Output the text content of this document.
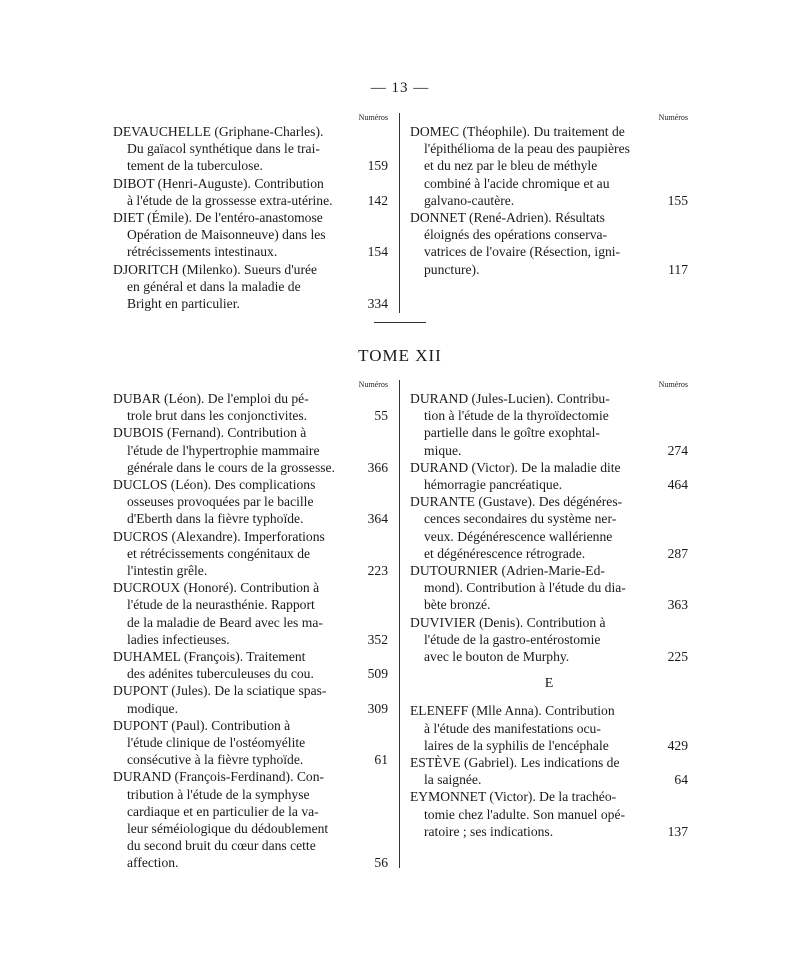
— 13 —
Numéros
DEVAUCHELLE (Griphane-Charles).
Du gaïacol synthétique dans le trai-
tement de la tuberculose.	159
DIBOT (Henri-Auguste). Contribution
à l'étude de la grossesse extra-utérine.	142
DIET (Émile). De l'entéro-anastomose
Opération de Maisonneuve) dans les
rétrécissements intestinaux.	154
DJORITCH (Milenko). Sueurs d'urée
en général et dans la maladie de
Bright en particulier.	334
Numéros
DOMEC (Théophile). Du traitement de
l'épithélioma de la peau des paupières
et du nez par le bleu de méthyle
combiné à l'acide chromique et au
galvano-cautère.	155
DONNET (René-Adrien). Résultats
éloignés des opérations conserva-
vatrices de l'ovaire (Résection, igni-
puncture).	117
TOME XII
Numéros
DUBAR (Léon). De l'emploi du pé-
trole brut dans les conjonctivites.	55
DUBOIS (Fernand). Contribution à
l'étude de l'hypertrophie mammaire
générale dans le cours de la grossesse. 366
DUCLOS (Léon). Des complications
osseuses provoquées par le bacille
d'Eberth dans la fièvre typhoïde.	364
DUCROS (Alexandre). Imperforations
et rétrécissements congénitaux de
l'intestin grêle.	223
DUCROUX (Honoré). Contribution à
l'étude de la neurasthénie. Rapport
de la maladie de Beard avec les ma-
ladies infectieuses.	352
DUHAMEL (François). Traitement
des adénites tuberculeuses du cou.	509
DUPONT (Jules). De la sciatique spas-
modique.	309
DUPONT (Paul). Contribution à
l'étude clinique de l'ostéomyélite
consécutive à la fièvre typhoïde.	61
DURAND (François-Ferdinand). Con-
tribution à l'étude de la symphyse
cardiaque et en particulier de la va-
leur séméiologique du dédoublement
du second bruit du cœur dans cette
affection.	56
Numéros
DURAND (Jules-Lucien). Contribu-
tion à l'étude de la thyroïdectomie
partielle dans le goître exophtal-
mique.	274
DURAND (Victor). De la maladie dite
hémorragie pancréatique.	464
DURANTE (Gustave). Des dégénéres-
cences secondaires du système ner-
veux. Dégénérescence wallérienne
et dégénérescence rétrograde.	287
DUTOURNIER (Adrien-Marie-Ed-
mond). Contribution à l'étude du dia-
bète bronzé.	363
DUVIVIER (Denis). Contribution à
l'étude de la gastro-entérostomie
avec le bouton de Murphy.	225
E
ELENEFF (Mlle Anna). Contribution
à l'étude des manifestations ocu-
laires de la syphilis de l'encéphale	429
ESTÈVE (Gabriel). Les indications de
la saignée.	64
EYMONNET (Victor). De la trachéo-
tomie chez l'adulte. Son manuel opé-
ratoire ; ses indications.	137
